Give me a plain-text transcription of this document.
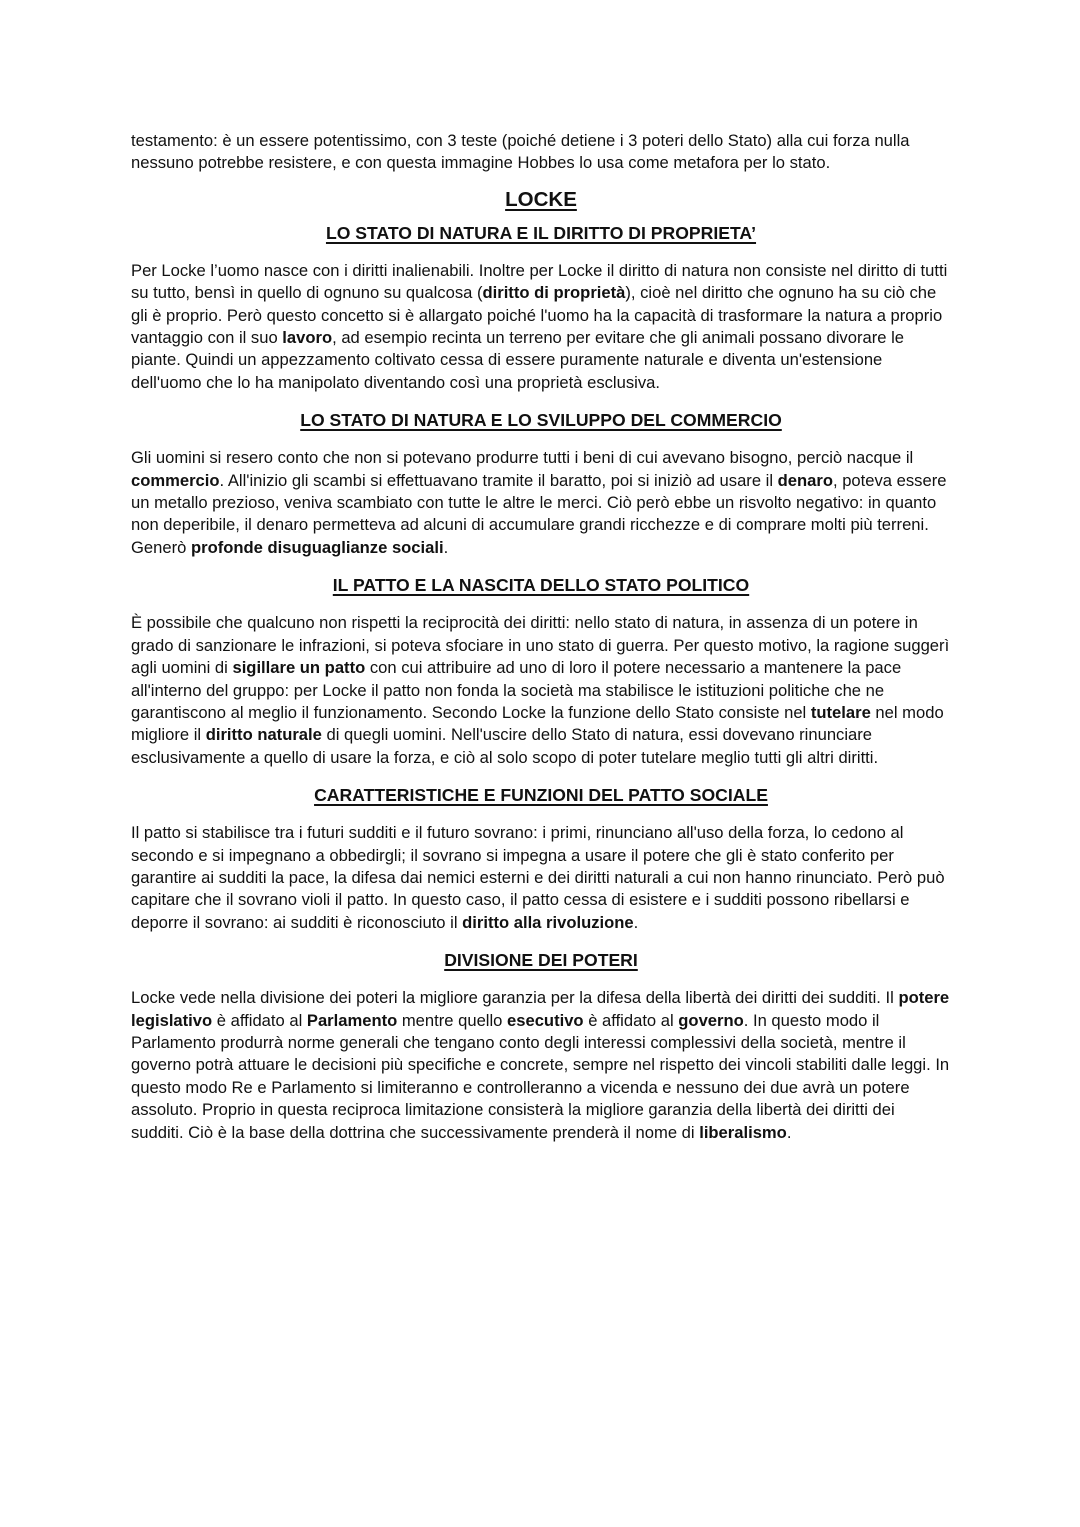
testamento: è un essere potentissimo, con 3 teste (poiché detiene i 3 poteri dello Stato) alla cui forza nulla nessuno potrebbe resistere, e con questa immagine Hobbes lo usa come metafora per lo stato.

LOCKE
LO STATO DI NATURA E IL DIRITTO DI PROPRIETA’

Per Locke l’uomo nasce con i diritti inalienabili. Inoltre per Locke il diritto di natura non consiste nel diritto di tutti su tutto, bensì in quello di ognuno su qualcosa (diritto di proprietà), cioè nel diritto che ognuno ha su ciò che gli è proprio. Però questo concetto si è allargato poiché l'uomo ha la capacità di trasformare la natura a proprio vantaggio con il suo lavoro, ad esempio recinta un terreno per evitare che gli animali possano divorare le piante. Quindi un appezzamento coltivato cessa di essere puramente naturale e diventa un'estensione dell'uomo che lo ha manipolato diventando così una proprietà esclusiva.

LO STATO DI NATURA E LO SVILUPPO DEL COMMERCIO

Gli uomini si resero conto che non si potevano produrre tutti i beni di cui avevano bisogno, perciò nacque il commercio. All'inizio gli scambi si effettuavano tramite il baratto, poi si iniziò ad usare il denaro, poteva essere un metallo prezioso, veniva scambiato con tutte le altre le merci. Ciò però ebbe un risvolto negativo: in quanto non deperibile, il denaro permetteva ad alcuni di accumulare grandi ricchezze e di comprare molti più terreni. Generò profonde disuguaglianze sociali.

IL PATTO E LA NASCITA DELLO STATO POLITICO

È possibile che qualcuno non rispetti la reciprocità dei diritti: nello stato di natura, in assenza di un potere in grado di sanzionare le infrazioni, si poteva sfociare in uno stato di guerra. Per questo motivo, la ragione suggerì agli uomini di sigillare un patto con cui attribuire ad uno di loro il potere necessario a mantenere la pace all'interno del gruppo: per Locke il patto non fonda la società ma stabilisce le istituzioni politiche che ne garantiscono al meglio il funzionamento. Secondo Locke la funzione dello Stato consiste nel tutelare nel modo migliore il diritto naturale di quegli uomini. Nell'uscire dello Stato di natura, essi dovevano rinunciare esclusivamente a quello di usare la forza, e ciò al solo scopo di poter tutelare meglio tutti gli altri diritti.

CARATTERISTICHE E FUNZIONI DEL PATTO SOCIALE

Il patto si stabilisce tra i futuri sudditi e il futuro sovrano: i primi, rinunciano all'uso della forza, lo cedono al secondo e si impegnano a obbedirgli; il sovrano si impegna a usare il potere che gli è stato conferito per garantire ai sudditi la pace, la difesa dai nemici esterni e dei diritti naturali a cui non hanno rinunciato. Però può capitare che il sovrano violi il patto. In questo caso, il patto cessa di esistere e i sudditi possono ribellarsi e deporre il sovrano: ai sudditi è riconosciuto il diritto alla rivoluzione.

DIVISIONE DEI POTERI

Locke vede nella divisione dei poteri la migliore garanzia per la difesa della libertà dei diritti dei sudditi. Il potere legislativo è affidato al Parlamento mentre quello esecutivo è affidato al governo. In questo modo il Parlamento produrrà norme generali che tengano conto degli interessi complessivi della società, mentre il governo potrà attuare le decisioni più specifiche e concrete, sempre nel rispetto dei vincoli stabiliti dalle leggi. In questo modo Re e Parlamento si limiteranno e controlleranno a vicenda e nessuno dei due avrà un potere assoluto. Proprio in questa reciproca limitazione consisterà la migliore garanzia della libertà dei diritti dei sudditi. Ciò è la base della dottrina che successivamente prenderà il nome di liberalismo.
